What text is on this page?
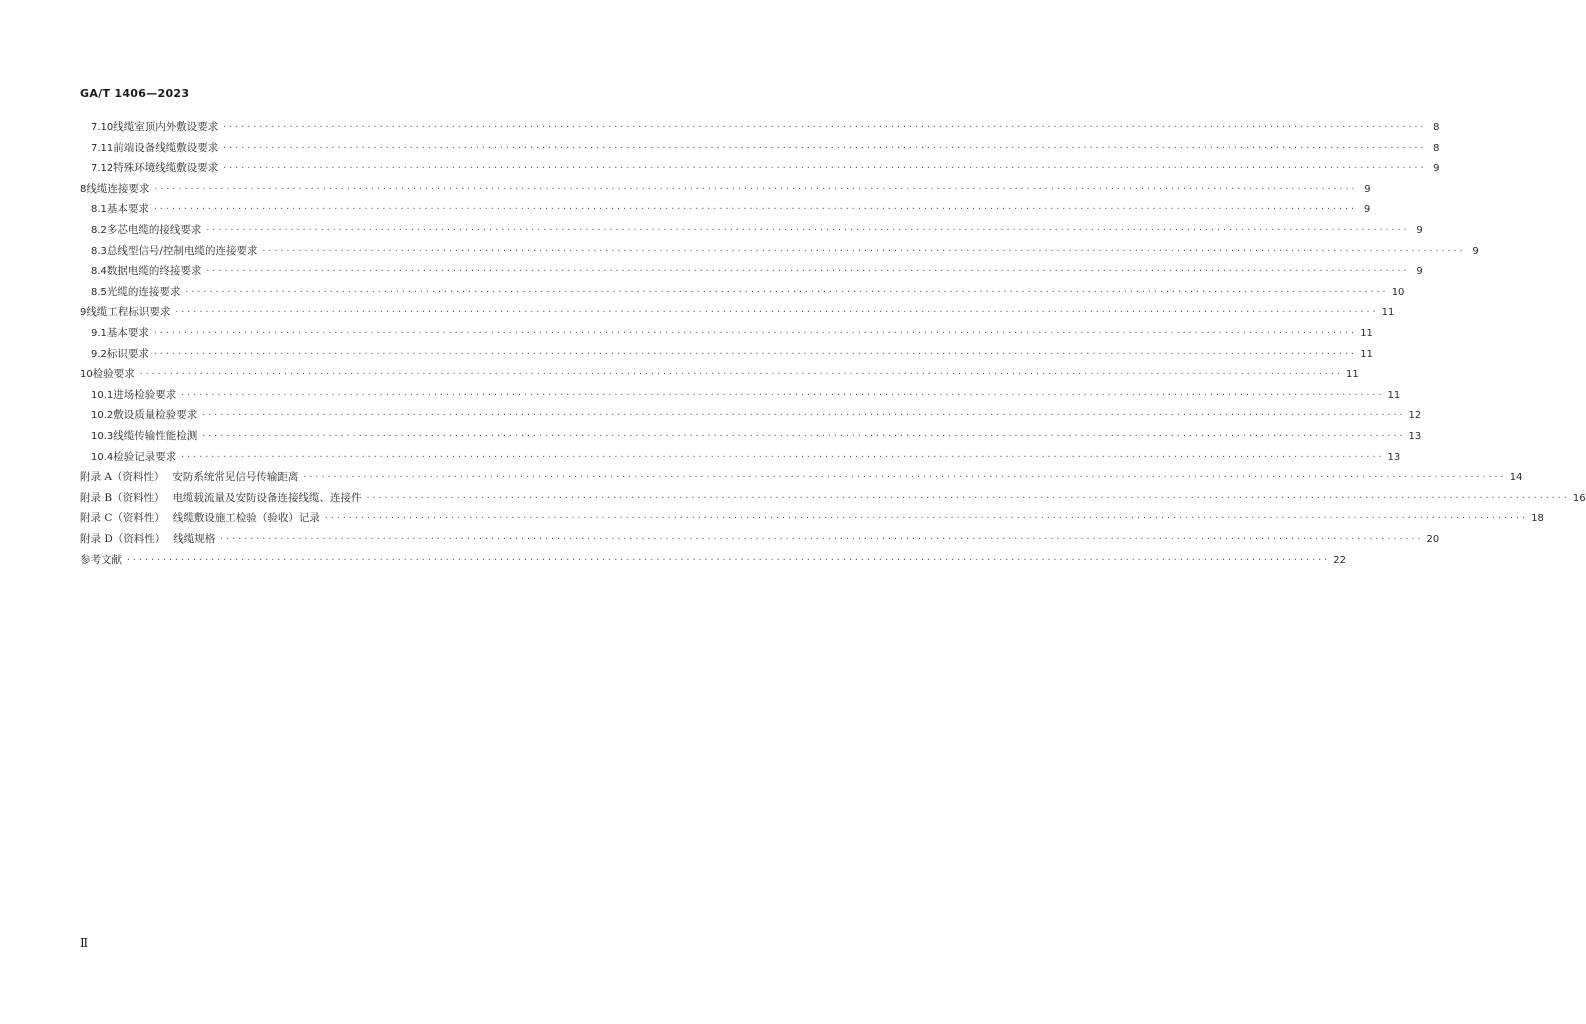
GA/T 1406—2023
7.10 线缆室顶内外敷设要求 ········································································································································································································ 8
7.11 前端设备线缆敷设要求 ········································································································································································································ 8
7.12 特殊环境线缆敷设要求 ········································································································································································································ 9
8 线缆连接要求 ········································································································································································································ 9
8.1 基本要求 ········································································································································································································ 9
8.2 多芯电缆的接线要求 ········································································································································································································ 9
8.3 总线型信号/控制电缆的连接要求 ········································································································································································································ 9
8.4 数据电缆的终接要求 ········································································································································································································ 9
8.5 光缆的连接要求 ········································································································································································································ 10
9 线缆工程标识要求 ········································································································································································································ 11
9.1 基本要求 ········································································································································································································ 11
9.2 标识要求 ········································································································································································································ 11
10 检验要求 ········································································································································································································ 11
10.1 进场检验要求 ········································································································································································································ 11
10.2 敷设质量检验要求 ········································································································································································································ 12
10.3 线缆传输性能检测 ········································································································································································································ 13
10.4 检验记录要求 ········································································································································································································ 13
附录 A（资料性） 安防系统常见信号传输距离 ········································································································································································································ 14
附录 B（资料性） 电缆载流量及安防设备连接线缆、连接件 ········································································································································································································ 16
附录 C（资料性） 线缆敷设施工检验（验收）记录 ········································································································································································································ 18
附录 D（资料性） 线缆规格 ········································································································································································································ 20
参考文献 ········································································································································································································ 22
Ⅱ
